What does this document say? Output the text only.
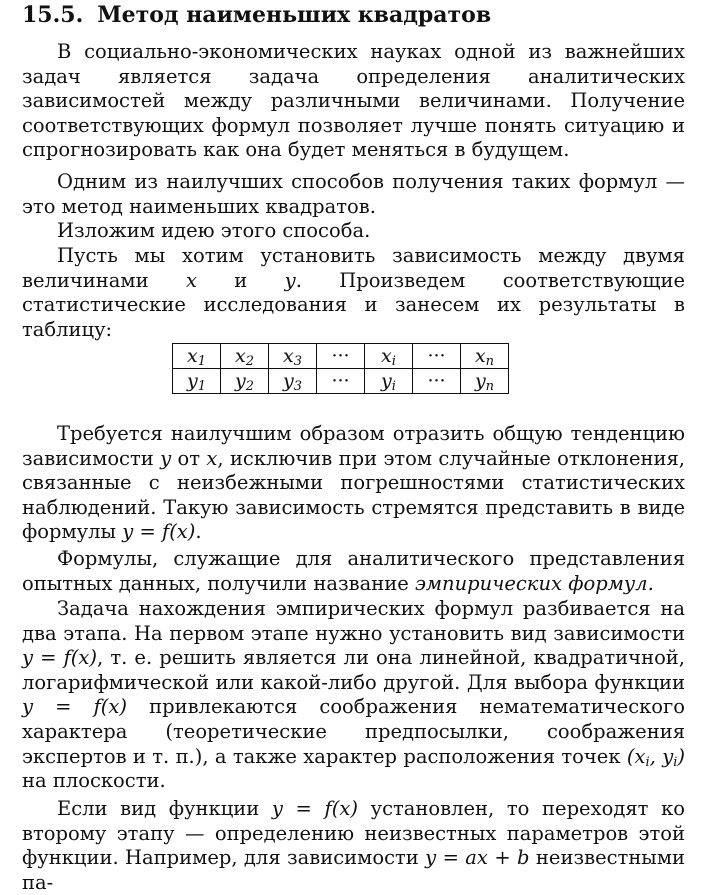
15.5. Метод наименьших квадратов
В социально-экономических науках одной из важнейших задач является задача определения аналитических зависимостей между различными величинами. Получение соответствующих формул позволяет лучше понять ситуацию и спрогнозировать как она будет меняться в будущем.
Одним из наилучших способов получения таких формул — это метод наименьших квадратов.
Изложим идею этого способа.
Пусть мы хотим установить зависимость между двумя величинами x и y. Произведем соответствующие статистические исследования и занесем их результаты в таблицу:
$x_1$	$x_2$	$x_3$	···	$x_i$	···	$x_n$
$y_1$	$y_2$	$y_3$	···	$y_i$	···	$y_n$
Требуется наилучшим образом отразить общую тенденцию зависимости y от x, исключив при этом случайные отклонения, связанные с неизбежными погрешностями статистических наблюдений. Такую зависимость стремятся представить в виде формулы y = f(x).
Формулы, служащие для аналитического представления опытных данных, получили название эмпирических формул.
Задача нахождения эмпирических формул разбивается на два этапа. На первом этапе нужно установить вид зависимости y = f(x), т. е. решить является ли она линейной, квадратичной, логарифмической или какой-либо другой. Для выбора функции y = f(x) привлекаются соображения нематематического характера (теоретические предпосылки, соображения экспертов и т. п.), а также характер расположения точек ($x_i$, $y_i$) на плоскости.
Если вид функции y = f(x) установлен, то переходят ко второму этапу — определению неизвестных параметров этой функции. Например, для зависимости y = ax + b неизвестными па-
